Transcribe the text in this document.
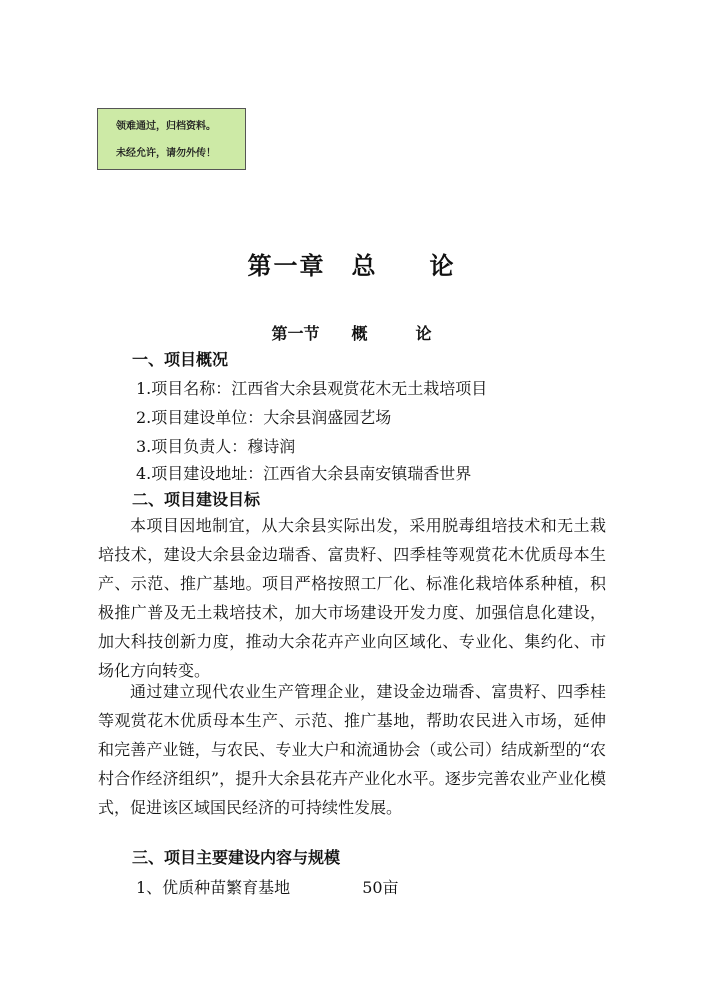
领难通过，归档资料。
未经允许，请勿外传！
第一章　总　　论
第一节　　概　　　论
一、项目概况
1.项目名称：江西省大余县观赏花木无土栽培项目
2.项目建设单位：大余县润盛园艺场
3.项目负责人：穆诗润
4.项目建设地址：江西省大余县南安镇瑞香世界
二、项目建设目标

本项目因地制宜，从大余县实际出发，采用脱毒组培技术和无土栽培技术，建设大余县金边瑞香、富贵籽、四季桂等观赏花木优质母本生产、示范、推广基地。项目严格按照工厂化、标准化栽培体系种植，积极推广普及无土栽培技术，加大市场建设开发力度、加强信息化建设，加大科技创新力度，推动大余花卉产业向区域化、专业化、集约化、市场化方向转变。

通过建立现代农业生产管理企业，建设金边瑞香、富贵籽、四季桂等观赏花木优质母本生产、示范、推广基地，帮助农民进入市场，延伸和完善产业链，与农民、专业大户和流通协会（或公司）结成新型的“农村合作经济组织”，提升大余县花卉产业化水平。逐步完善农业产业化模式，促进该区域国民经济的可持续性发展。

三、项目主要建设内容与规模
1、优质种苗繁育基地	50亩
